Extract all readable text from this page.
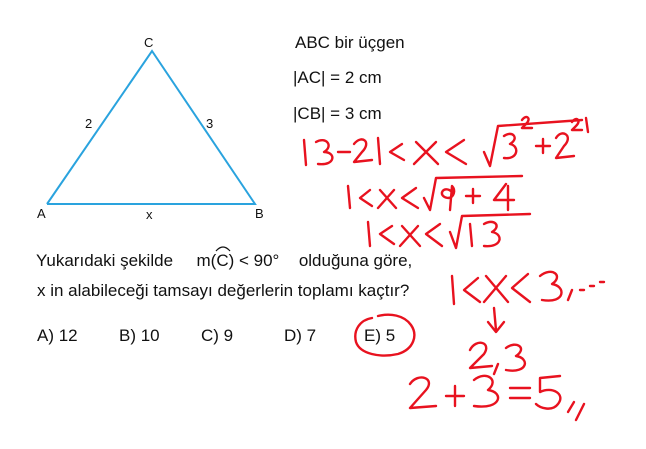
C
A	B
2	3
x
ABC bir üçgen
|AC| = 2 cm
|CB| = 3 cm
Yukarıdaki şekilde m(
C) < 90° olduğuna göre,
x in alabileceği tamsayı değerlerin toplamı kaçtır?
A) 12 B) 10 C) 9	D) 7	E) 5
